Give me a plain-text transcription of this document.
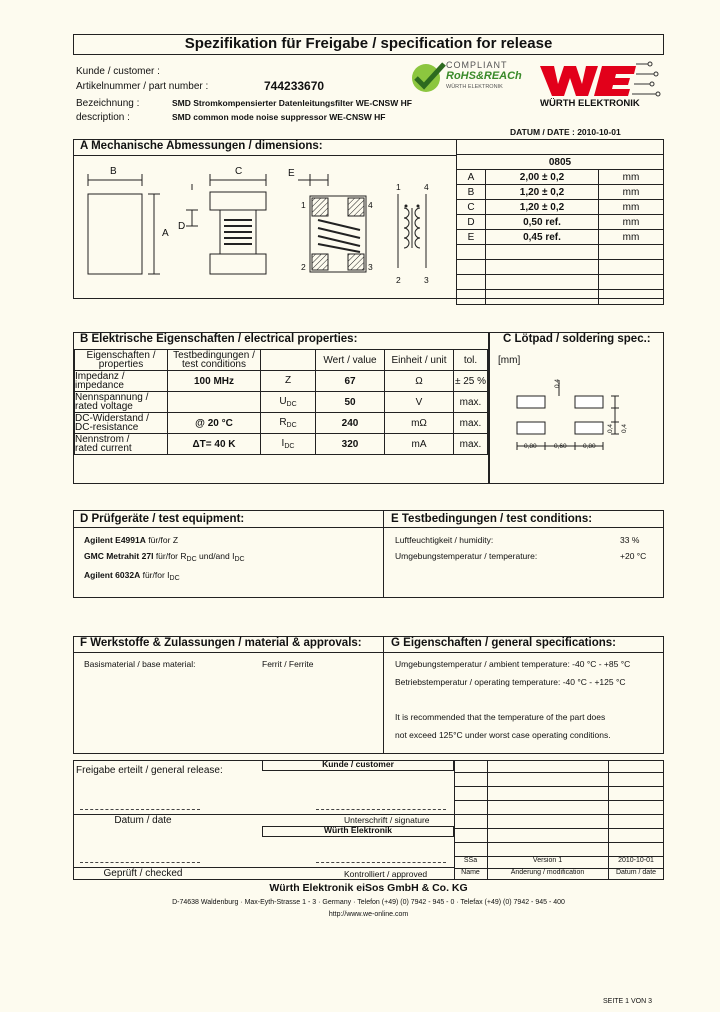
Spezifikation für Freigabe / specification for release
Kunde / customer :
Artikelnummer / part number :	744233670
Bezeichnung :	SMD Stromkompensierter Datenleitungsfilter WE-CNSW HF
description :	SMD common mode noise suppressor WE-CNSW HF
COMPLIANT
RoHS&REACh
WÜRTH ELEKTRONIK
WÜRTH ELEKTRONIK
DATUM / DATE : 2010-10-01
A Mechanische Abmessungen / dimensions:
B
A
C
D
E
1	4
2	3
1	4
2	3

0805		
A	2,00 ± 0,2	mm
B	1,20 ± 0,2	mm
C	1,20 ± 0,2	mm
D	0,50 ref.	mm
E	0,45 ref.	mm

B Elektrische Eigenschaften / electrical properties:
Eigenschaften / properties	Testbedingungen / test conditions		Wert / value	Einheit / unit	tol.

Impedanz /
impedance	100 MHz	Z	67	Ω	± 25 %

Nennspannung /
rated voltage		$U_{DC}$	50	V	max.

DC-Widerstand /
DC-resistance	@ 20 °C	$R_{DC}$	240	mΩ	max.

Nennstrom /
rated current	ΔT= 40 K	$I_{DC}$	320	mA	max.
C Lötpad / soldering spec.:
[mm]
0,80	0,60	0,80
0,4
0,4 0,4
D Prüfgeräte / test equipment:
Agilent E4991A für/for Z
GMC Metrahit 27I für/for $R_{DC}$ und/and $I_{DC}$
Agilent 6032A für/for $I_{DC}$
E Testbedingungen / test conditions:
Luftfeuchtigkeit / humidity:	33 %
Umgebungstemperatur / temperature:	+20 °C
F Werkstoffe & Zulassungen / material & approvals:
Basismaterial / base material:	Ferrit / Ferrite
G Eigenschaften / general specifications:
Umgebungstemperatur / ambient temperature: -40 °C - +85 °C
Betriebstemperatur / operating temperature: -40 °C - +125 °C
It is recommended that the temperature of the part does
not exceed 125°C under worst case operating conditions.
Freigabe erteilt / general release:
Kunde / customer
Datum / date	Unterschrift / signature
Würth Elektronik
Geprüft / checked	Kontrolliert / approved
SSa	Version 1	2010-10-01
Name	Änderung / modification	Datum / date
Würth Elektronik eiSos GmbH & Co. KG
D-74638 Waldenburg · Max-Eyth-Strasse 1 - 3 · Germany · Telefon (+49) (0) 7942 - 945 - 0 · Telefax (+49) (0) 7942 - 945 - 400
http://www.we-online.com
SEITE 1 VON 3
